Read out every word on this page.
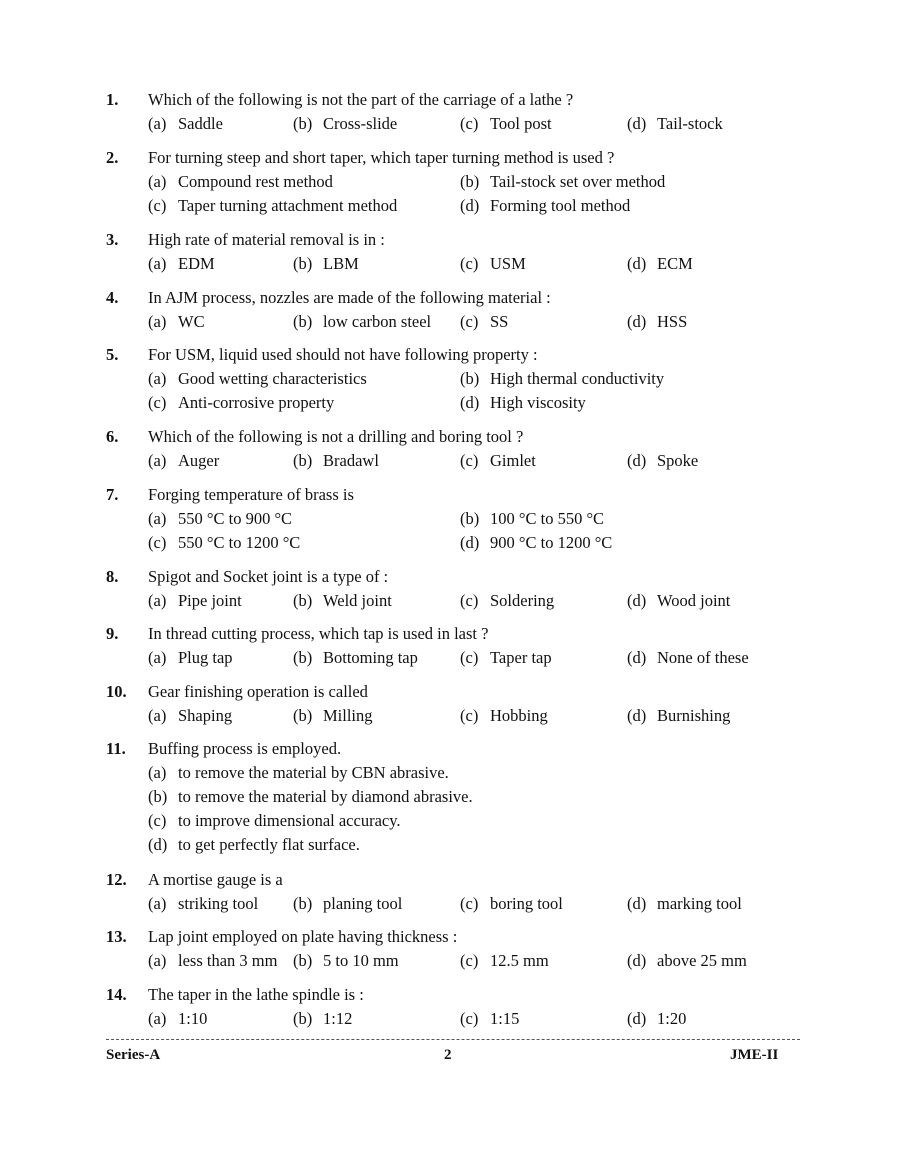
1. Which of the following is not the part of the carriage of a lathe ?
(a) Saddle	(b) Cross-slide	(c) Tool post	(d) Tail-stock
2. For turning steep and short taper, which taper turning method is used ?
(a) Compound rest method	(b) Tail-stock set over method
(c) Taper turning attachment method	(d) Forming tool method
3. High rate of material removal is in :
(a) EDM	(b) LBM	(c) USM	(d) ECM
4. In AJM process, nozzles are made of the following material :
(a) WC	(b) low carbon steel (c) SS	(d) HSS
5. For USM, liquid used should not have following property :
(a) Good wetting characteristics	(b) High thermal conductivity
(c) Anti-corrosive property	(d) High viscosity
6. Which of the following is not a drilling and boring tool ?
(a) Auger	(b) Bradawl	(c) Gimlet	(d) Spoke
7. Forging temperature of brass is
(a) 550 °C to 900 °C	(b) 100 °C to 550 °C
(c) 550 °C to 1200 °C	(d) 900 °C to 1200 °C
8. Spigot and Socket joint is a type of :
(a) Pipe joint	(b) Weld joint	(c) Soldering	(d) Wood joint
9. In thread cutting process, which tap is used in last ?
(a) Plug tap	(b) Bottoming tap	(c) Taper tap	(d) None of these
10. Gear finishing operation is called
(a) Shaping	(b) Milling	(c) Hobbing	(d) Burnishing
11. Buffing process is employed.
(a) to remove the material by CBN abrasive.
(b) to remove the material by diamond abrasive.
(c) to improve dimensional accuracy.
(d) to get perfectly flat surface.
12. A mortise gauge is a
(a) striking tool (b) planing tool	(c) boring tool	(d) marking tool
13. Lap joint employed on plate having thickness :
(a) less than 3 mm (b) 5 to 10 mm	(c) 12.5 mm	(d) above 25 mm
14. The taper in the lathe spindle is :
(a) 1:10	(b) 1:12	(c) 1:15	(d) 1:20
Series-A	2	JME-II
